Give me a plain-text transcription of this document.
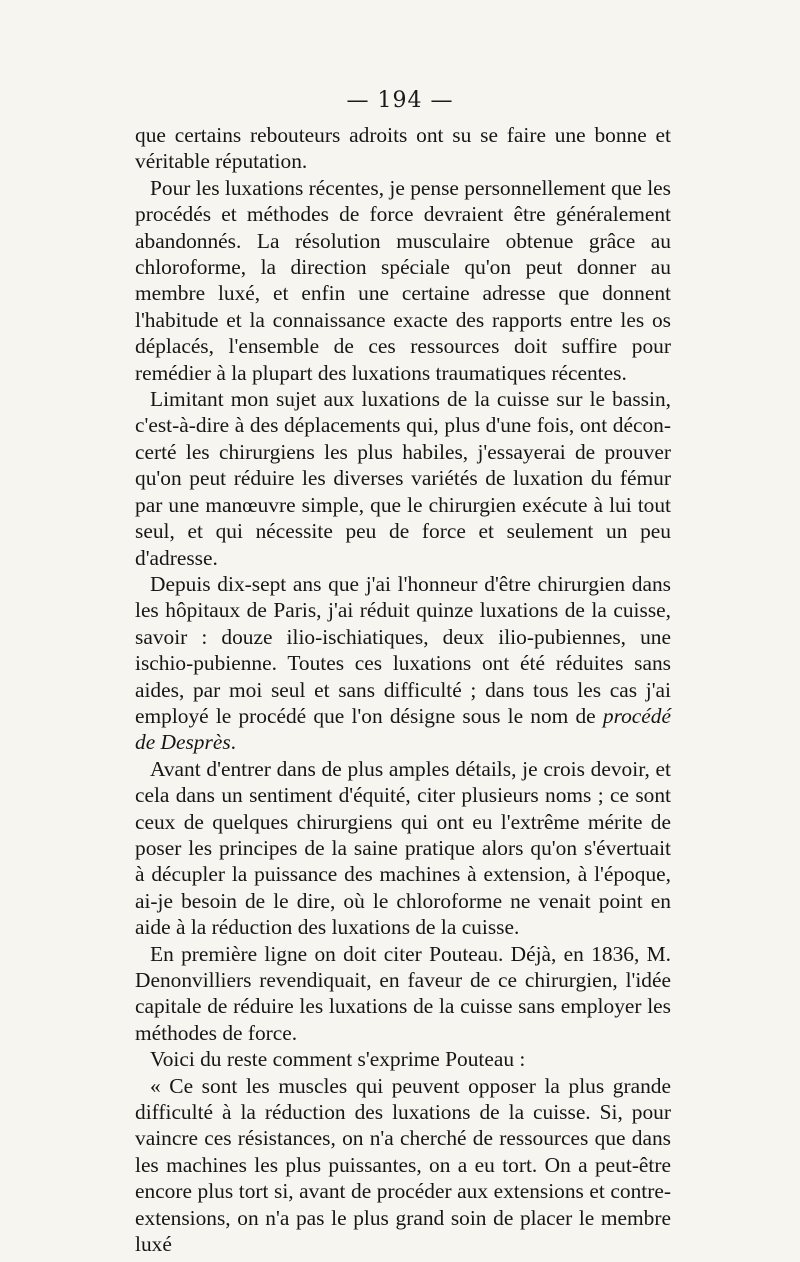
— 194 —

que certains rebouteurs adroits ont su se faire une bonne et véritable réputation.

Pour les luxations récentes, je pense personnellement que les procédés et méthodes de force devraient être généralement abandonnés. La résolution musculaire obtenue grâce au chloroforme, la direction spéciale qu'on peut donner au membre luxé, et enfin une certaine adresse que donnent l'habitude et la connaissance exacte des rapports entre les os déplacés, l'ensemble de ces ressources doit suffire pour remédier à la plupart des luxations traumatiques récentes.

Limitant mon sujet aux luxations de la cuisse sur le bassin, c'est-à-dire à des déplacements qui, plus d'une fois, ont déconcerté les chirurgiens les plus habiles, j'essayerai de prouver qu'on peut réduire les diverses variétés de luxation du fémur par une manœuvre simple, que le chirurgien exécute à lui tout seul, et qui nécessite peu de force et seulement un peu d'adresse.

Depuis dix-sept ans que j'ai l'honneur d'être chirurgien dans les hôpitaux de Paris, j'ai réduit quinze luxations de la cuisse, savoir : douze ilio-ischiatiques, deux ilio-pubiennes, une ischio-pubienne. Toutes ces luxations ont été réduites sans aides, par moi seul et sans difficulté ; dans tous les cas j'ai employé le procédé que l'on désigne sous le nom de procédé de Desprès.

Avant d'entrer dans de plus amples détails, je crois devoir, et cela dans un sentiment d'équité, citer plusieurs noms ; ce sont ceux de quelques chirurgiens qui ont eu l'extrême mérite de poser les principes de la saine pratique alors qu'on s'évertuait à décupler la puissance des machines à extension, à l'époque, ai-je besoin de le dire, où le chloroforme ne venait point en aide à la réduction des luxations de la cuisse.

En première ligne on doit citer Pouteau. Déjà, en 1836, M. Denonvilliers revendiquait, en faveur de ce chirurgien, l'idée capitale de réduire les luxations de la cuisse sans employer les méthodes de force.

Voici du reste comment s'exprime Pouteau :

« Ce sont les muscles qui peuvent opposer la plus grande difficulté à la réduction des luxations de la cuisse. Si, pour vaincre ces résistances, on n'a cherché de ressources que dans les machines les plus puissantes, on a eu tort. On a peut-être encore plus tort si, avant de procéder aux extensions et contre-extensions, on n'a pas le plus grand soin de placer le membre luxé
